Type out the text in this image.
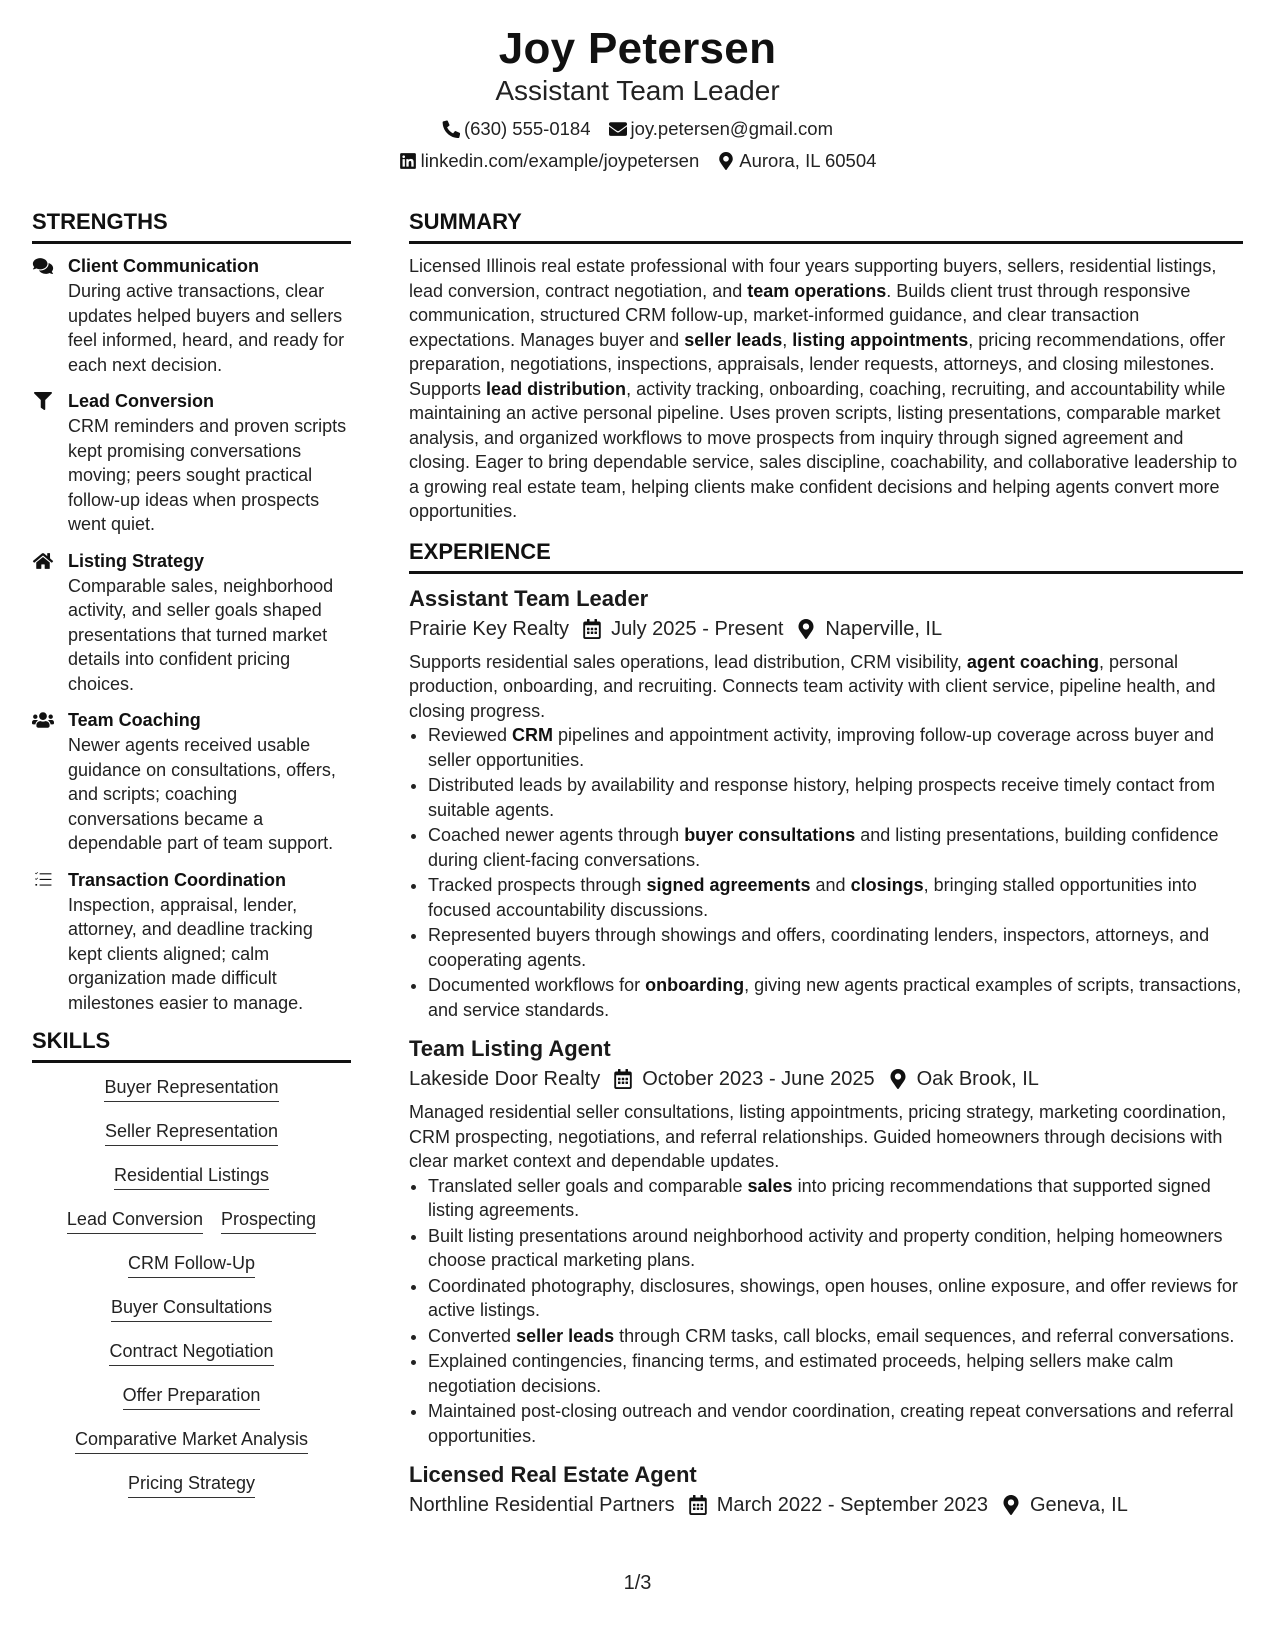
Joy Petersen
Assistant Team Leader
(630) 555-0184 joy.petersen@gmail.com
linkedin.com/example/joypetersen Aurora, IL 60504
STRENGTHS
Client Communication
During active transactions, clear updates helped buyers and sellers feel informed, heard, and ready for each next decision.
Lead Conversion
CRM reminders and proven scripts kept promising conversations moving; peers sought practical follow-up ideas when prospects went quiet.
Listing Strategy
Comparable sales, neighborhood activity, and seller goals shaped presentations that turned market details into confident pricing choices.
Team Coaching
Newer agents received usable guidance on consultations, offers, and scripts; coaching conversations became a dependable part of team support.
Transaction Coordination
Inspection, appraisal, lender, attorney, and deadline tracking kept clients aligned; calm organization made difficult milestones easier to manage.
SKILLS
Buyer Representation
Seller Representation
Residential Listings
Lead Conversion Prospecting
CRM Follow-Up
Buyer Consultations
Contract Negotiation
Offer Preparation
Comparative Market Analysis
Pricing Strategy
SUMMARY

Licensed Illinois real estate professional with four years supporting buyers, sellers, residential listings, lead conversion, contract negotiation, and team operations. Builds client trust through responsive communication, structured CRM follow-up, market-informed guidance, and clear transaction expectations. Manages buyer and seller leads, listing appointments, pricing recommendations, offer preparation, negotiations, inspections, appraisals, lender requests, attorneys, and closing milestones. Supports lead distribution, activity tracking, onboarding, coaching, recruiting, and accountability while maintaining an active personal pipeline. Uses proven scripts, listing presentations, comparable market analysis, and organized workflows to move prospects from inquiry through signed agreement and closing. Eager to bring dependable service, sales discipline, coachability, and collaborative leadership to a growing real estate team, helping clients make confident decisions and helping agents convert more opportunities.

EXPERIENCE
Assistant Team Leader
Prairie Key Realty July 2025 - Present Naperville, IL

Supports residential sales operations, lead distribution, CRM visibility, agent coaching, personal production, onboarding, and recruiting. Connects team activity with client service, pipeline health, and closing progress.

• Reviewed CRM pipelines and appointment activity, improving follow-up coverage across buyer and seller opportunities.
• Distributed leads by availability and response history, helping prospects receive timely contact from suitable agents.
• Coached newer agents through buyer consultations and listing presentations, building confidence during client-facing conversations.
• Tracked prospects through signed agreements and closings, bringing stalled opportunities into focused accountability discussions.
• Represented buyers through showings and offers, coordinating lenders, inspectors, attorneys, and cooperating agents.
• Documented workflows for onboarding, giving new agents practical examples of scripts, transactions, and service standards.
Team Listing Agent
Lakeside Door Realty October 2023 - June 2025 Oak Brook, IL

Managed residential seller consultations, listing appointments, pricing strategy, marketing coordination, CRM prospecting, negotiations, and referral relationships. Guided homeowners through decisions with clear market context and dependable updates.

• Translated seller goals and comparable sales into pricing recommendations that supported signed listing agreements.
• Built listing presentations around neighborhood activity and property condition, helping homeowners choose practical marketing plans.
• Coordinated photography, disclosures, showings, open houses, online exposure, and offer reviews for active listings.
• Converted seller leads through CRM tasks, call blocks, email sequences, and referral conversations.
• Explained contingencies, financing terms, and estimated proceeds, helping sellers make calm negotiation decisions.
• Maintained post-closing outreach and vendor coordination, creating repeat conversations and referral opportunities.
Licensed Real Estate Agent
Northline Residential Partners March 2022 - September 2023 Geneva, IL
1/3
